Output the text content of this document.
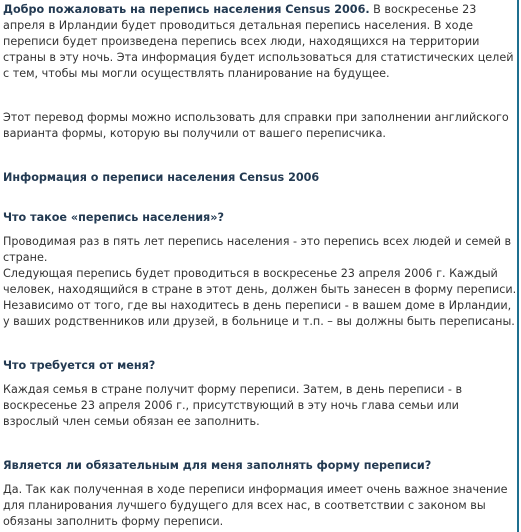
Добро пожаловать на перепись населения Census 2006. В воскресенье 23 апреля в Ирландии будет проводиться детальная перепись населения. В ходе переписи будет произведена перепись всех люди, находящихся на территории страны в эту ночь. Эта информация будет использоваться для статистических целей с тем, чтобы мы могли осуществлять планирование на будущее.

Этот перевод формы можно использовать для справки при заполнении английского варианта формы, которую вы получили от вашего переписчика.

Информация о переписи населения Census 2006
Что такое «перепись населения»?

Проводимая раз в пять лет перепись населения - это перепись всех людей и семей в стране.

Следующая перепись будет проводиться в воскресенье 23 апреля 2006 г. Каждый человек, находящийся в стране в этот день, должен быть занесен в форму переписи. Независимо от того, где вы находитесь в день переписи - в вашем доме в Ирландии, у ваших родственников или друзей, в больнице и т.п. – вы должны быть переписаны.

Что требуется от меня?

Каждая семья в стране получит форму переписи. Затем, в день переписи - в воскресенье 23 апреля 2006 г., присутствующий в эту ночь глава семьи или взрослый член семьи обязан ее заполнить.

Является ли обязательным для меня заполнять форму переписи?

Да. Так как полученная в ходе переписи информация имеет очень важное значение для планирования лучшего будущего для всех нас, в соответствии с законом вы обязаны заполнить форму переписи.
